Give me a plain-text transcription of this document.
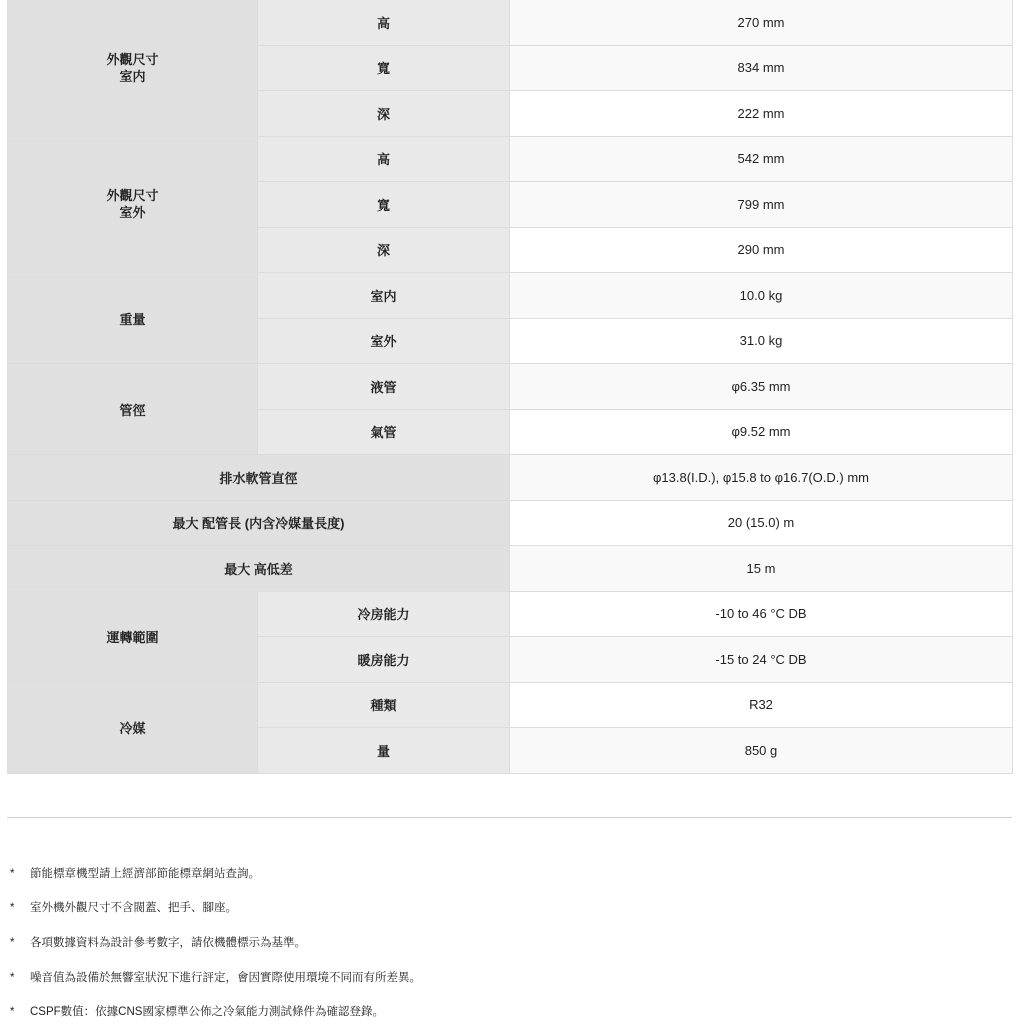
外觀尺寸
室内	高	270 mm
	寬	834 mm
	深	222 mm

外觀尺寸
室外	高	542 mm
	寬	799 mm
	深	290 mm
重量	室内	10.0 kg
	室外	31.0 kg
管徑	液管	φ6.35 mm
	氣管	φ9.52 mm
排水軟管直徑		φ13.8(I.D.), φ15.8 to φ16.7(O.D.) mm
最大 配管長 (内含冷媒量長度)		20 (15.0) m
最大 高低差		15 m
運轉範圍	冷房能力	-10 to 46 °C DB
	暖房能力	-15 to 24 °C DB
冷媒	種類	R32
	量	850 g
* 節能標章機型請上經濟部節能標章網站查詢。
* 室外機外觀尺寸不含閥蓋、把手、腳座。
* 各項數據資料為設計參考數字，請依機體標示為基準。
* 噪音值為設備於無響室狀況下進行評定，會因實際使用環境不同而有所差異。
* CSPF數值：依據CNS國家標準公佈之冷氣能力測試條件為確認登錄。
